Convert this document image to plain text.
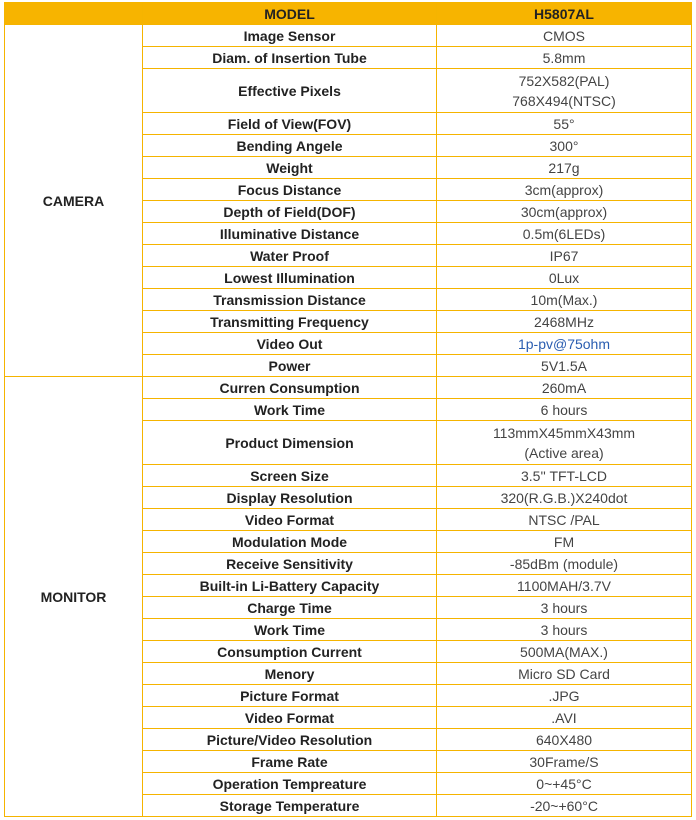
	MODEL	H5807AL
CAMERA	Image Sensor	CMOS

	Diam. of Insertion Tube	5.8mm

	Effective Pixels	752X582(PAL)
768X494(NTSC)

	Field of View(FOV)	55°

	Bending Angele	300°

	Weight	217g

	Focus Distance	3cm(approx)

	Depth of Field(DOF)	30cm(approx)

	Illuminative Distance	0.5m(6LEDs)

	Water Proof	IP67

	Lowest Illumination	0Lux

	Transmission Distance	10m(Max.)

	Transmitting Frequency	2468MHz

	Video Out	1p-pv@75ohm

	Power	5V1.5A

MONITOR	Curren Consumption	260mA

	Work Time	6 hours

	Product Dimension	113mmX45mmX43mm
(Active area)

	Screen Size	3.5'' TFT-LCD

	Display Resolution	320(R.G.B.)X240dot

	Video Format	NTSC /PAL

	Modulation Mode	FM

	Receive Sensitivity	-85dBm (module)

	Built-in Li-Battery Capacity	1100MAH/3.7V

	Charge Time	3 hours

	Work Time	3 hours

	Consumption Current	500MA(MAX.)

	Menory	Micro SD Card

	Picture Format	.JPG

	Video Format	.AVI

	Picture/Video Resolution	640X480

	Frame Rate	30Frame/S

	Operation Tempreature	0~+45°C

	Storage Temperature	-20~+60°C
